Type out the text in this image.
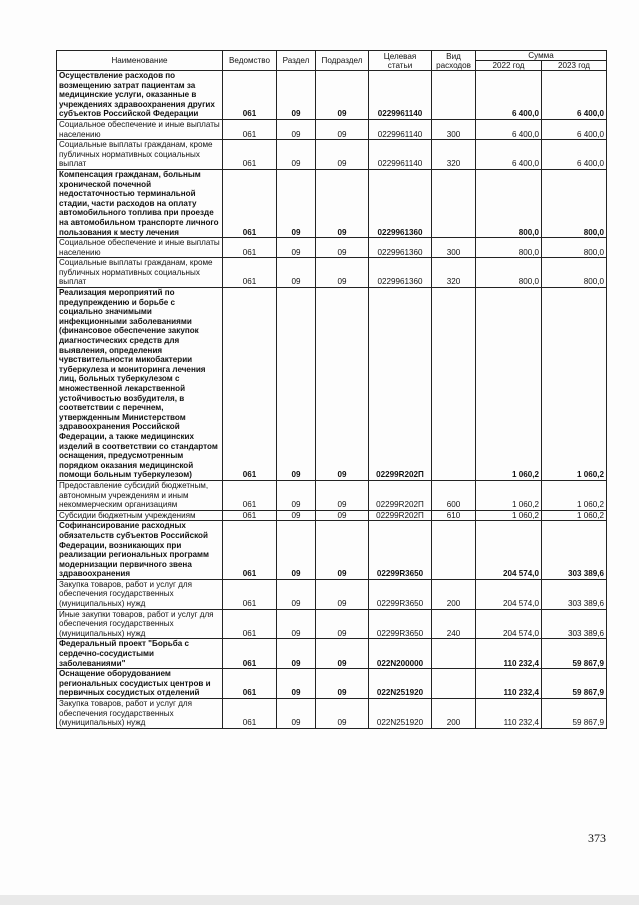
Наименование	Ведомство	Раздел	Подраздел	Целевая статьи	Вид расходов	Сумма	
						2022 год	2023 год
Осуществление расходов по возмещению затрат пациентам за медицинские услуги, оказанные в учреждениях здравоохранения других субъектов Российской Федерации	061	09	09	0229961140		6 400,0	6 400,0
Социальное обеспечение и иные выплаты населению	061	09	09	0229961140	300	6 400,0	6 400,0
Социальные выплаты гражданам, кроме публичных нормативных социальных выплат	061	09	09	0229961140	320	6 400,0	6 400,0
Компенсация гражданам, больным хронической почечной недостаточностью терминальной стадии, части расходов на оплату автомобильного топлива при проезде на автомобильном транспорте личного пользования к месту лечения	061	09	09	0229961360		800,0	800,0
Социальное обеспечение и иные выплаты населению	061	09	09	0229961360	300	800,0	800,0
Социальные выплаты гражданам, кроме публичных нормативных социальных выплат	061	09	09	0229961360	320	800,0	800,0
Реализация мероприятий по предупреждению и борьбе с социально значимыми инфекционными заболеваниями (финансовое обеспечение закупок диагностических средств для выявления, определения чувствительности микобактерии туберкулеза и мониторинга лечения лиц, больных туберкулезом с множественной лекарственной устойчивостью возбудителя, в соответствии с перечнем, утвержденным Министерством здравоохранения Российской Федерации, а также медицинских изделий в соответствии со стандартом оснащения, предусмотренным порядком оказания медицинской помощи больным туберкулезом)	061	09	09	02299R202П		1 060,2	1 060,2
Предоставление субсидий бюджетным, автономным учреждениям и иным некоммерческим организациям	061	09	09	02299R202П	600	1 060,2	1 060,2
Субсидии бюджетным учреждениям	061	09	09	02299R202П	610	1 060,2	1 060,2
Софинансирование расходных обязательств субъектов Российской Федерации, возникающих при реализации региональных программ модернизации первичного звена здравоохранения	061	09	09	02299R3650		204 574,0	303 389,6
Закупка товаров, работ и услуг для обеспечения государственных (муниципальных) нужд	061	09	09	02299R3650	200	204 574,0	303 389,6
Иные закупки товаров, работ и услуг для обеспечения государственных (муниципальных) нужд	061	09	09	02299R3650	240	204 574,0	303 389,6
Федеральный проект "Борьба с сердечно-сосудистыми заболеваниями"	061	09	09	022N200000		110 232,4	59 867,9
Оснащение оборудованием региональных сосудистых центров и первичных сосудистых отделений	061	09	09	022N251920		110 232,4	59 867,9
Закупка товаров, работ и услуг для обеспечения государственных (муниципальных) нужд	061	09	09	022N251920	200	110 232,4	59 867,9
373
